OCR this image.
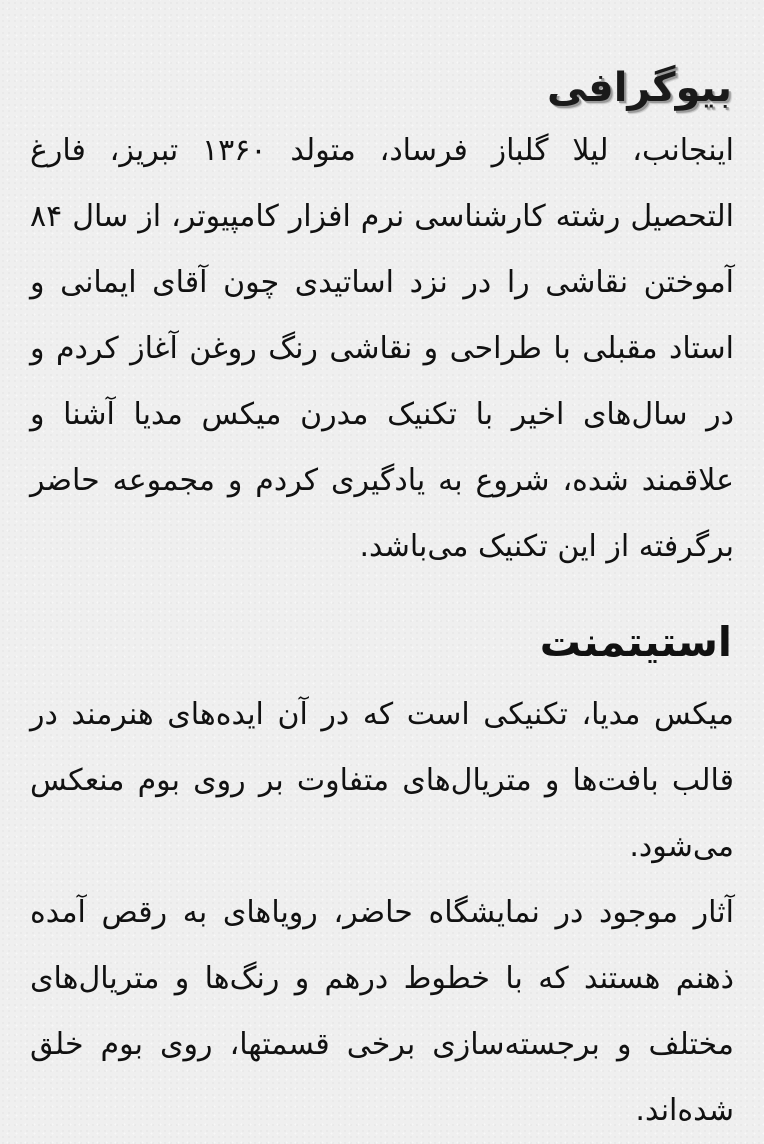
بیوگرافی

اینجانب، لیلا گلباز فرساد، متولد ۱۳۶۰ تبریز، فارغ التحصیل رشته کارشناسی نرم افزار کامپیوتر، از سال ۸۴ آموختن نقاشی را در نزد اساتیدی چون آقای ایمانی و استاد مقبلی با طراحی و نقاشی رنگ روغن آغاز کردم و در سال‌های اخیر با تکنیک مدرن میکس مدیا آشنا و علاقمند شده، شروع به یادگیری کردم و مجموعه حاضر برگرفته از این تکنیک می‌باشد.

استیتمنت

میکس مدیا، تکنیکی است که در آن ایده‌های هنرمند در قالب بافت‌ها و متریال‌های متفاوت بر روی بوم منعکس می‌شود.

آثار موجود در نمایشگاه حاضر، رویاهای به رقص آمده ذهنم هستند که با خطوط درهم و رنگ‌ها و متریال‌های مختلف و برجسته‌سازی برخی قسمتها، روی بوم خلق شده‌اند.
